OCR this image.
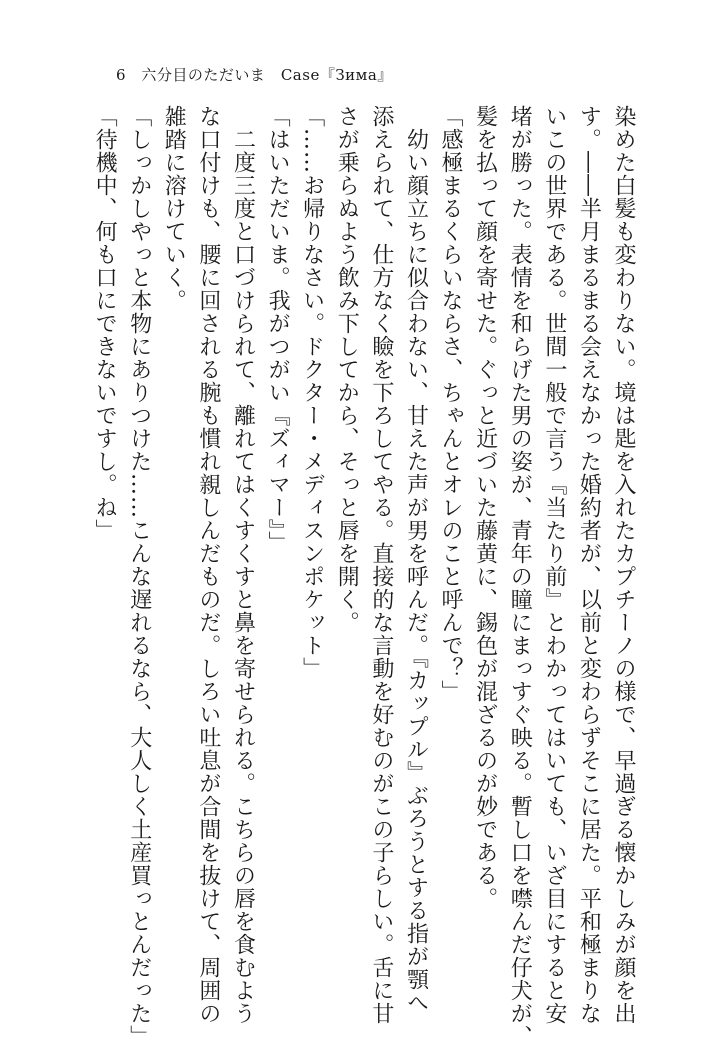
6 六分目のただいま　Case『Зима』

染めた白髪も変わりない。境は匙を入れたカプチーノの様で、早過ぎる懐かしみが顔を出

す。――半月まるまる会えなかった婚約者が、以前と変わらずそこに居た。平和極まりな

いこの世界である。世間一般で言う『当たり前』とわかってはいても、いざ目にすると安

堵が勝った。表情を和らげた男の姿が、青年の瞳にまっすぐ映る。暫し口を噤んだ仔犬が、

髪を払って顔を寄せた。ぐっと近づいた藤黄に、錫色が混ざるのが妙である。

「感極まるくらいならさ、ちゃんとオレのこと呼んで？」

　幼い顔立ちに似合わない、甘えた声が男を呼んだ。『カップル』ぶろうとする指が顎へ

添えられて、仕方なく瞼を下ろしてやる。直接的な言動を好むのがこの子らしい。舌に甘

さが乗らぬよう飲み下してから、そっと唇を開く。

「……お帰りなさい。ドクター・メディスンポケット」

「はいただいま。我がつがい『ズィマー』」

　二度三度と口づけられて、離れてはくすくすと鼻を寄せられる。こちらの唇を食むよう

な口付けも、腰に回される腕も慣れ親しんだものだ。しろい吐息が合間を抜けて、周囲の

雑踏に溶けていく。

「しっかしやっと本物にありつけた……こんな遅れるなら、大人しく土産買っとんだった」

「待機中、何も口にできないですし。ね」
